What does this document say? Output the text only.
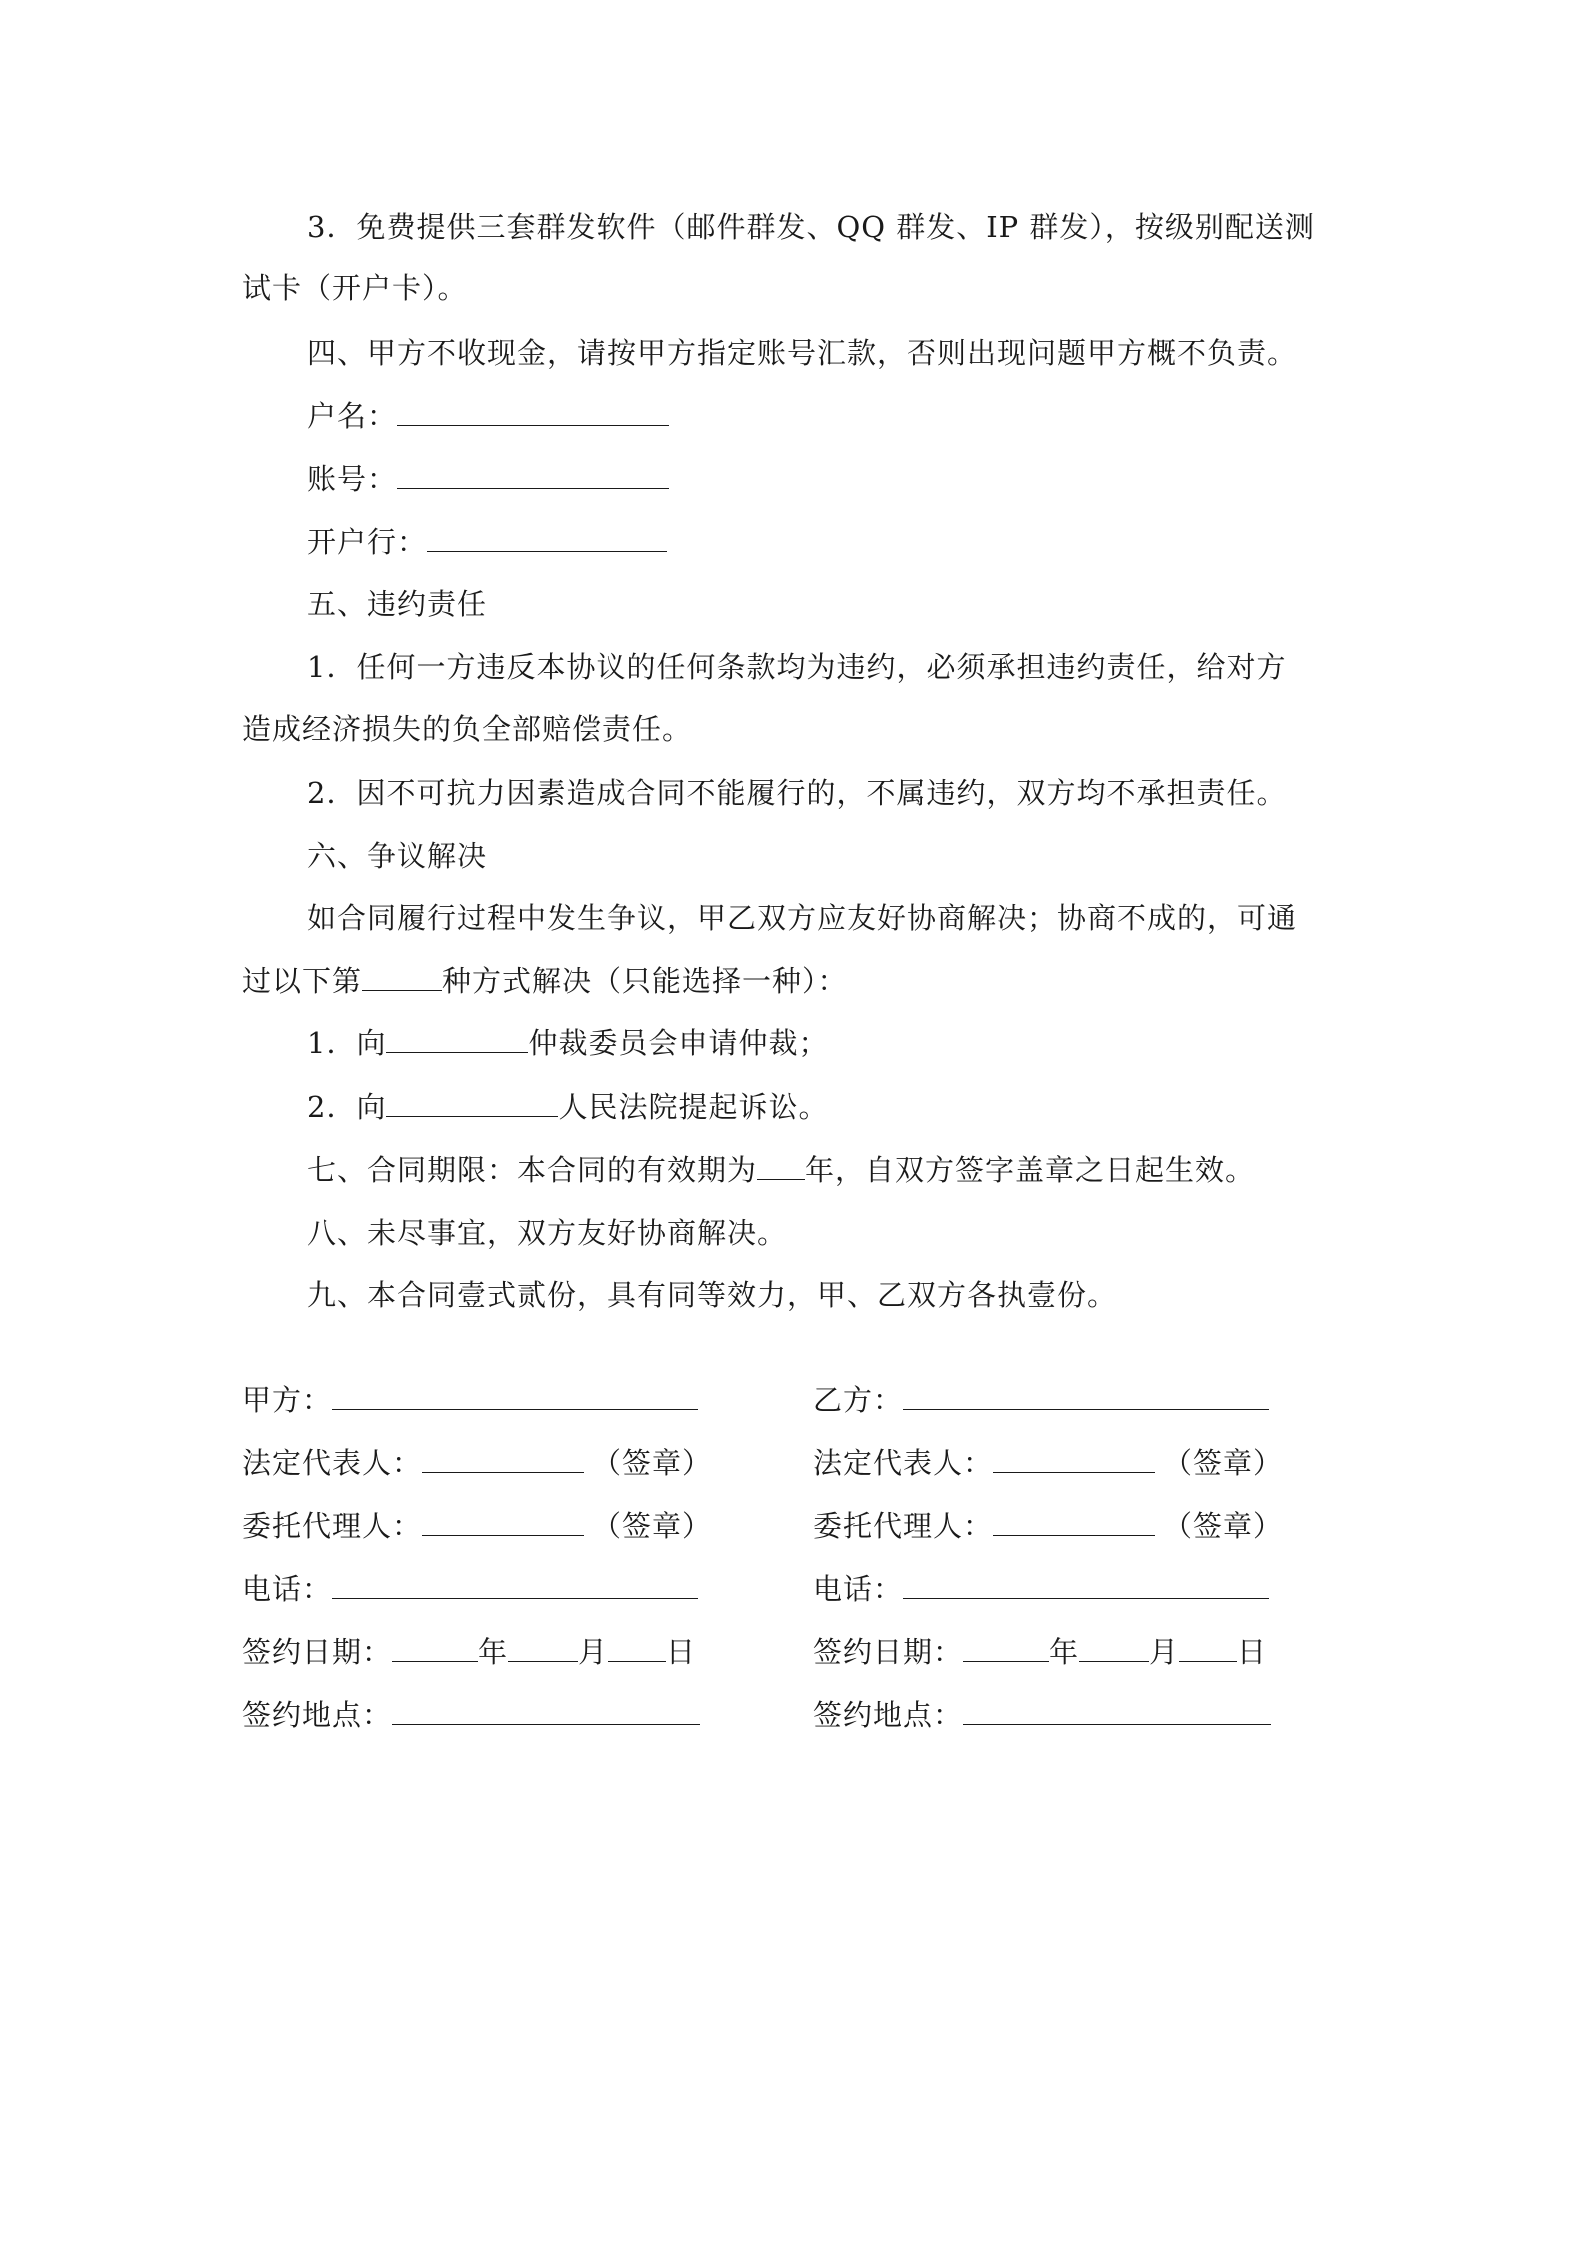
3．免费提供三套群发软件（邮件群发、QQ 群发、IP 群发），按级别配送测
试卡（开户卡）。
四、甲方不收现金，请按甲方指定账号汇款，否则出现问题甲方概不负责。
户名：
账号：
开户行：
五、违约责任
1．任何一方违反本协议的任何条款均为违约，必须承担违约责任，给对方
造成经济损失的负全部赔偿责任。
2．因不可抗力因素造成合同不能履行的，不属违约，双方均不承担责任。
六、争议解决
如合同履行过程中发生争议，甲乙双方应友好协商解决；协商不成的，可通
过以下第	种方式解决（只能选择一种）：
1．向	仲裁委员会申请仲裁；
2．向	人民法院提起诉讼。
七、合同期限：本合同的有效期为 年，自双方签字盖章之日起生效。
八、未尽事宜，双方友好协商解决。
九、本合同壹式贰份，具有同等效力，甲、乙双方各执壹份。
甲方：
法定代表人：	（签章）
委托代理人：	（签章）
电话：
签约日期：	年 月 日
签约地点：
乙方：
法定代表人：	（签章）
委托代理人：	（签章）
电话：
签约日期：	年 月 日
签约地点：
